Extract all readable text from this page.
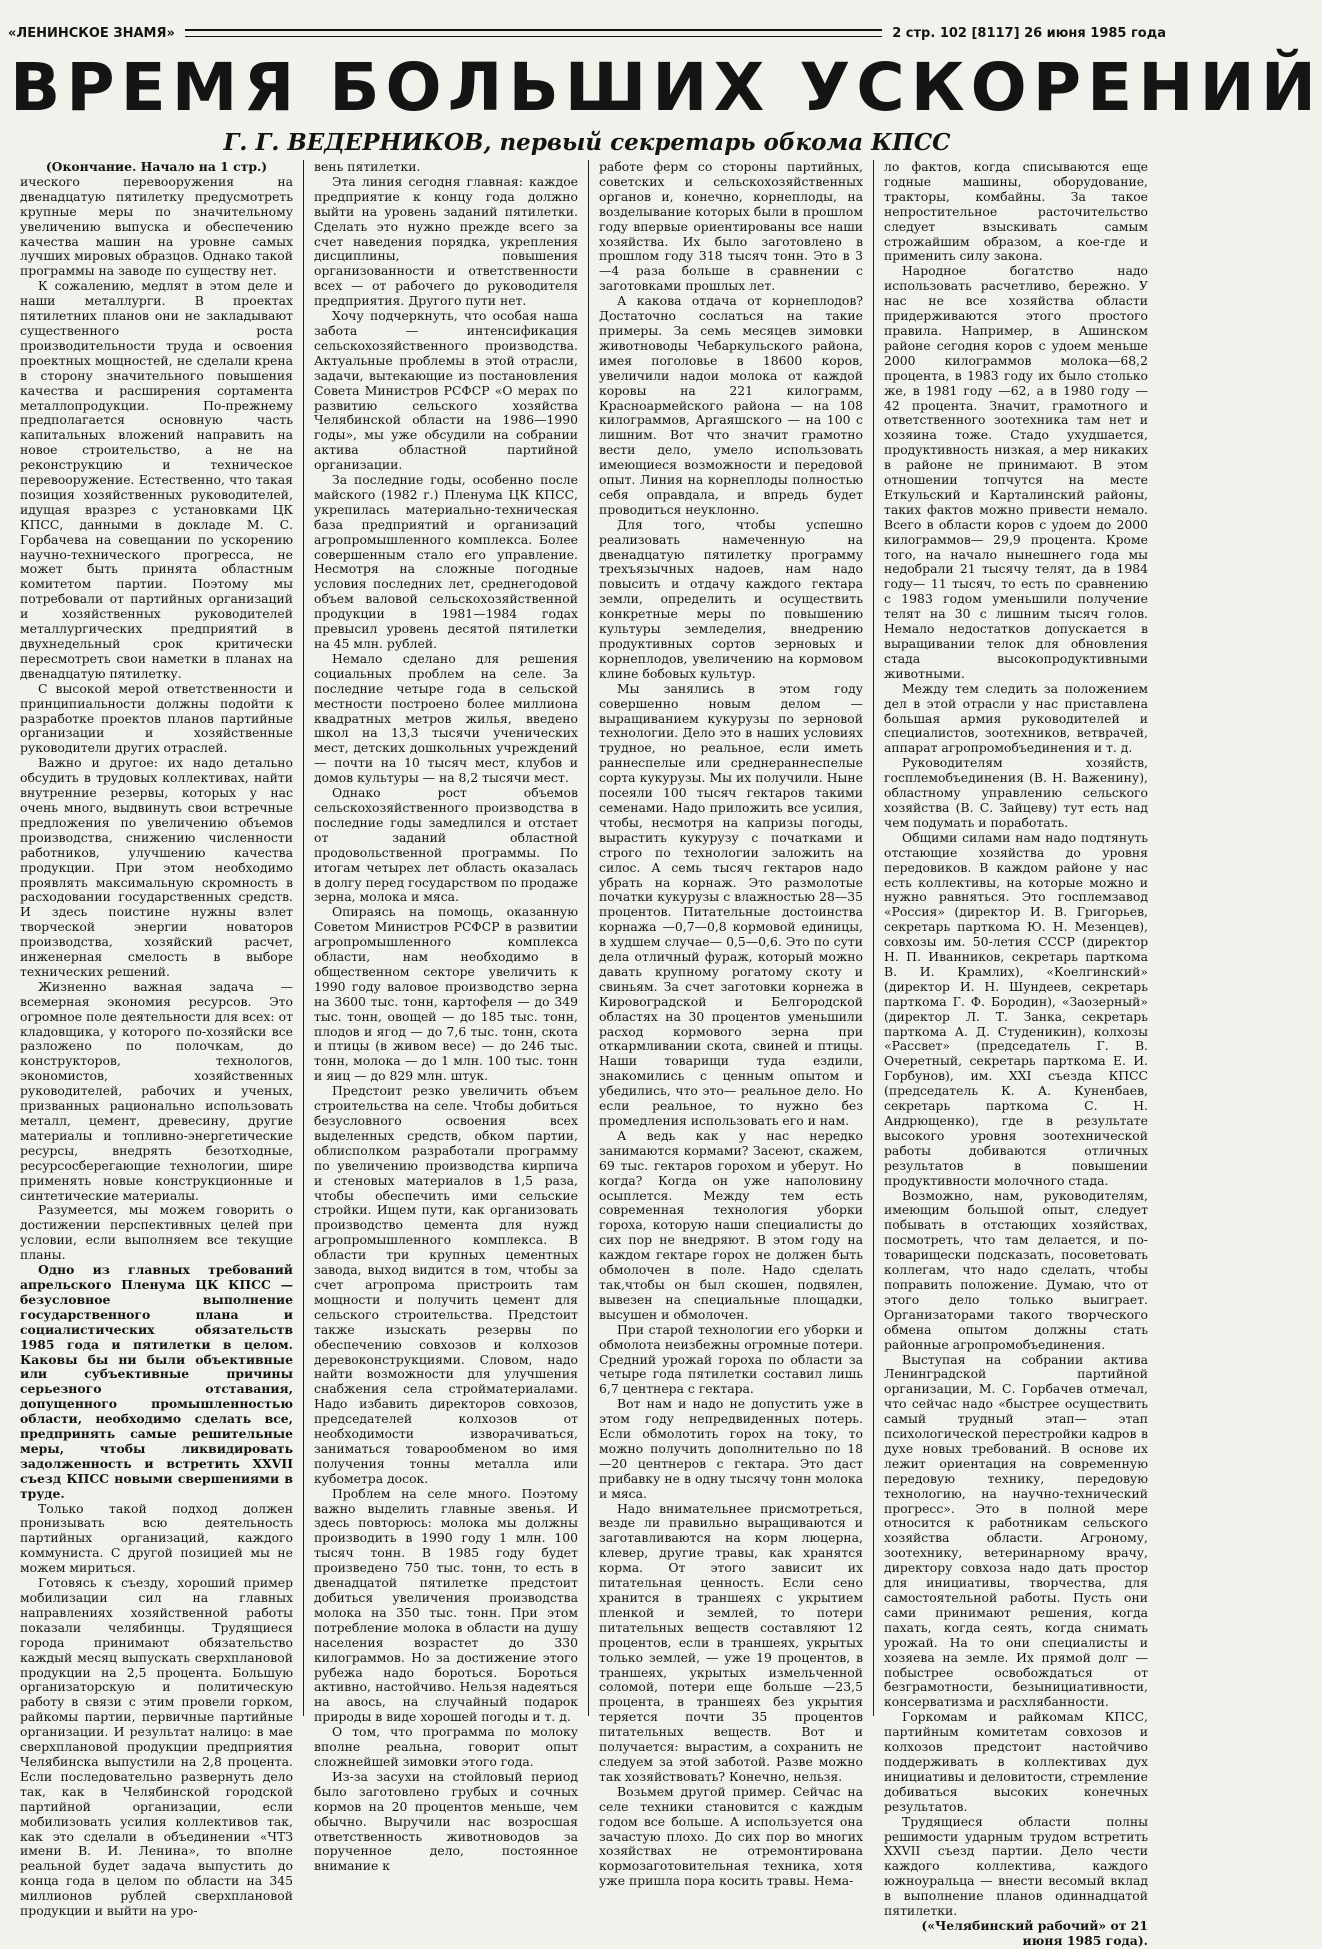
«ЛЕНИНСКОЕ ЗНАМЯ»	2 стр. 102 [8117] 26 июня 1985 года
ВРЕМЯ БОЛЬШИХ УСКОРЕНИЙ
Г. Г. ВЕДЕРНИКОВ, первый секретарь обкома КПСС

(Окончание. Начало на 1 стр.)

ического перевооружения на двенадцатую пятилетку предусмотреть крупные меры по значительному увеличению выпуска и обеспечению качества машин на уровне самых лучших мировых образцов. Однако такой программы на заводе по существу нет.

К сожалению, медлят в этом деле и наши металлурги. В проектах пятилетних планов они не закладывают существенного роста производительности труда и освоения проектных мощностей, не сделали крена в сторону значительного повышения качества и расширения сортамента металлопродукции. По-прежнему предполагается основную часть капитальных вложений направить на новое строительство, а не на реконструкцию и техническое перевооружение. Естественно, что такая позиция хозяйственных руководителей, идущая вразрез с установками ЦК КПСС, данными в докладе М. С. Горбачева на совещании по ускорению научно-технического прогресса, не может быть принята областным комитетом партии. Поэтому мы потребовали от партийных организаций и хозяйственных руководителей металлургических предприятий в двухнедельный срок критически пересмотреть свои наметки в планах на двенадцатую пятилетку.

С высокой мерой ответственности и принципиальности должны подойти к разработке проектов планов партийные организации и хозяйственные руководители других отраслей.

Важно и другое: их надо детально обсудить в трудовых коллективах, найти внутренние резервы, которых у нас очень много, выдвинуть свои встречные предложения по увеличению объемов производства, снижению численности работников, улучшению качества продукции. При этом необходимо проявлять максимальную скромность в расходовании государственных средств. И здесь поистине нужны взлет творческой энергии новаторов производства, хозяйский расчет, инженерная смелость в выборе технических решений.

Жизненно важная задача — всемерная экономия ресурсов. Это огромное поле деятельности для всех: от кладовщика, у которого по-хозяйски все разложено по полочкам, до конструкторов, технологов, экономистов, хозяйственных руководителей, рабочих и ученых, призванных рационально использовать металл, цемент, древесину, другие материалы и топливно-энергетические ресурсы, внедрять безотходные, ресурсосберегающие технологии, шире применять новые конструкционные и синтетические материалы.

Разумеется, мы можем говорить о достижении перспективных целей при условии, если выполняем все текущие планы.

Одно из главных требований апрельского Пленума ЦК КПСС — безусловное выполнение государственного плана и социалистических обязательств 1985 года и пятилетки в целом. Каковы бы ни были объективные или субъективные причины серьезного отставания, допущенного промышленностью области, необходимо сделать все, предпринять самые решительные меры, чтобы ликвидировать задолженность и встретить XXVII съезд КПСС новыми свершениями в труде.

Только такой подход должен пронизывать всю деятельность партийных организаций, каждого коммуниста. С другой позицией мы не можем мириться.

Готовясь к съезду, хороший пример мобилизации сил на главных направлениях хозяйственной работы показали челябинцы. Трудящиеся города принимают обязательство каждый месяц выпускать сверхплановой продукции на 2,5 процента. Большую организаторскую и политическую работу в связи с этим провели горком, райкомы партии, первичные партийные организации. И результат налицо: в мае сверхплановой продукции предприятия Челябинска выпустили на 2,8 процента. Если последовательно развернуть дело так, как в Челябинской городской партийной организации, если мобилизовать усилия коллективов так, как это сделали в объединении «ЧТЗ имени В. И. Ленина», то вполне реальной будет задача выпустить до конца года в целом по области на 345 миллионов рублей сверхплановой продукции и выйти на уро-

вень пятилетки.

Эта линия сегодня главная: каждое предприятие к концу года должно выйти на уровень заданий пятилетки. Сделать это нужно прежде всего за счет наведения порядка, укрепления дисциплины, повышения организованности и ответственности всех — от рабочего до руководителя предприятия. Другого пути нет.

Хочу подчеркнуть, что особая наша забота — интенсификация сельскохозяйственного производства. Актуальные проблемы в этой отрасли, задачи, вытекающие из постановления Совета Министров РСФСР «О мерах по развитию сельского хозяйства Челябинской области на 1986—1990 годы», мы уже обсудили на собрании актива областной партийной организации.

За последние годы, особенно после майского (1982 г.) Пленума ЦК КПСС, укрепилась материально-техническая база предприятий и организаций агропромышленного комплекса. Более совершенным стало его управление. Несмотря на сложные погодные условия последних лет, среднегодовой объем валовой сельскохозяйственной продукции в 1981—1984 годах превысил уровень десятой пятилетки на 45 млн. рублей.

Немало сделано для решения социальных проблем на селе. За последние четыре года в сельской местности построено более миллиона квадратных метров жилья, введено школ на 13,3 тысячи ученических мест, детских дошкольных учреждений — почти на 10 тысяч мест, клубов и домов культуры — на 8,2 тысячи мест.

Однако рост объемов сельскохозяйственного производства в последние годы замедлился и отстает от заданий областной продовольственной программы. По итогам четырех лет область оказалась в долгу перед государством по продаже зерна, молока и мяса.

Опираясь на помощь, оказанную Советом Министров РСФСР в развитии агропромышленного комплекса области, нам необходимо в общественном секторе увеличить к 1990 году валовое производство зерна на 3600 тыс. тонн, картофеля — до 349 тыс. тонн, овощей — до 185 тыс. тонн, плодов и ягод — до 7,6 тыс. тонн, скота и птицы (в живом весе) — до 246 тыс. тонн, молока — до 1 млн. 100 тыс. тонн и яиц — до 829 млн. штук.

Предстоит резко увеличить объем строительства на селе. Чтобы добиться безусловного освоения всех выделенных средств, обком партии, облисполком разработали программу по увеличению производства кирпича и стеновых материалов в 1,5 раза, чтобы обеспечить ими сельские стройки. Ищем пути, как организовать производство цемента для нужд агропромышленного комплекса. В области три крупных цементных завода, выход видится в том, чтобы за счет агропрома пристроить там мощности и получить цемент для сельского строительства. Предстоит также изыскать резервы по обеспечению совхозов и колхозов деревоконструкциями. Словом, надо найти возможности для улучшения снабжения села стройматериалами. Надо избавить директоров совхозов, председателей колхозов от необходимости изворачиваться, заниматься товарообменом во имя получения тонны металла или кубометра досок.

Проблем на селе много. Поэтому важно выделить главные звенья. И здесь повторюсь: молока мы должны производить в 1990 году 1 млн. 100 тысяч тонн. В 1985 году будет произведено 750 тыс. тонн, то есть в двенадцатой пятилетке предстоит добиться увеличения производства молока на 350 тыс. тонн. При этом потребление молока в области на душу населения возрастет до 330 килограммов. Но за достижение этого рубежа надо бороться. Бороться активно, настойчиво. Нельзя надеяться на авось, на случайный подарок природы в виде хорошей погоды и т. д.

О том, что программа по молоку вполне реальна, говорит опыт сложнейшей зимовки этого года.

Из-за засухи на стойловый период было заготовлено грубых и сочных кормов на 20 процентов меньше, чем обычно. Выручили нас возросшая ответственность животноводов за порученное дело, постоянное внимание к

работе ферм со стороны партийных, советских и сельскохозяйственных органов и, конечно, корнеплоды, на возделывание которых были в прошлом году впервые ориентированы все наши хозяйства. Их было заготовлено в прошлом году 318 тысяч тонн. Это в 3—4 раза больше в сравнении с заготовками прошлых лет.

А какова отдача от корнеплодов? Достаточно сослаться на такие примеры. За семь месяцев зимовки животноводы Чебаркульского района, имея поголовье в 18600 коров, увеличили надои молока от каждой коровы на 221 килограмм, Красноармейского района — на 108 килограммов, Аргаяшского — на 100 с лишним. Вот что значит грамотно вести дело, умело использовать имеющиеся возможности и передовой опыт. Линия на корнеплоды полностью себя оправдала, и впредь будет проводиться неуклонно.

Для того, чтобы успешно реализовать намеченную на двенадцатую пятилетку программу трехъязычных надоев, нам надо повысить и отдачу каждого гектара земли, определить и осуществить конкретные меры по повышению культуры земледелия, внедрению продуктивных сортов зерновых и корнеплодов, увеличению на кормовом клине бобовых культур.

Мы занялись в этом году совершенно новым делом — выращиванием кукурузы по зерновой технологии. Дело это в наших условиях трудное, но реальное, если иметь раннеспелые или среднераннеспелые сорта кукурузы. Мы их получили. Ныне посеяли 100 тысяч гектаров такими семенами. Надо приложить все усилия, чтобы, несмотря на капризы погоды, вырастить кукурузу с початками и строго по технологии заложить на силос. А семь тысяч гектаров надо убрать на корнаж. Это размолотые початки кукурузы с влажностью 28—35 процентов. Питательные достоинства корнажа —0,7—0,8 кормовой единицы, в худшем случае— 0,5—0,6. Это по сути дела отличный фураж, который можно давать крупному рогатому скоту и свиньям. За счет заготовки корнежа в Кировоградской и Белгородской областях на 30 процентов уменьшили расход кормового зерна при откармливании скота, свиней и птицы. Наши товарищи туда ездили, знакомились с ценным опытом и убедились, что это— реальное дело. Но если реальное, то нужно без промедления использовать его и нам.

А ведь как у нас нередко занимаются кормами? Засеют, скажем, 69 тыс. гектаров горохом и уберут. Но когда? Когда он уже наполовину осыплется. Между тем есть современная технология уборки гороха, которую наши специалисты до сих пор не внедряют. В этом году на каждом гектаре горох не должен быть обмолочен в поле. Надо сделать так,чтобы он был скошен, подвялен, вывезен на специальные площадки, высушен и обмолочен.

При старой технологии его уборки и обмолота неизбежны огромные потери. Средний урожай гороха по области за четыре года пятилетки составил лишь 6,7 центнера с гектара.

Вот нам и надо не допустить уже в этом году непредвиденных потерь. Если обмолотить горох на току, то можно получить дополнительно по 18—20 центнеров с гектара. Это даст прибавку не в одну тысячу тонн молока и мяса.

Надо внимательнее присмотреться, везде ли правильно выращиваются и заготавливаются на корм люцерна, клевер, другие травы, как хранятся корма. От этого зависит их питательная ценность. Если сено хранится в траншеях с укрытием пленкой и землей, то потери питательных веществ составляют 12 процентов, если в траншеях, укрытых только землей, — уже 19 процентов, в траншеях, укрытых измельченной соломой, потери еще больше —23,5 процента, в траншеях без укрытия теряется почти 35 процентов питательных веществ. Вот и получается: вырастим, а сохранить не следуем за этой заботой. Разве можно так хозяйствовать? Конечно, нельзя.

Возьмем другой пример. Сейчас на селе техники становится с каждым годом все больше. А используется она зачастую плохо. До сих пор во многих хозяйствах не отремонтирована кормозаготовительная техника, хотя уже пришла пора косить травы. Нема-

ло фактов, когда списываются еще годные машины, оборудование, тракторы, комбайны. За такое непростительное расточительство следует взыскивать самым строжайшим образом, а кое-где и применить силу закона.

Народное богатство надо использовать расчетливо, бережно. У нас не все хозяйства области придерживаются этого простого правила. Например, в Ашинском районе сегодня коров с удоем меньше 2000 килограммов молока—68,2 процента, в 1983 году их было столько же, в 1981 году —62, а в 1980 году — 42 процента. Значит, грамотного и ответственного зоотехника там нет и хозяина тоже. Стадо ухудшается, продуктивность низкая, а мер никаких в районе не принимают. В этом отношении топчутся на месте Еткульский и Карталинский районы, таких фактов можно привести немало. Всего в области коров с удоем до 2000 килограммов— 29,9 процента. Кроме того, на начало нынешнего года мы недобрали 21 тысячу телят, да в 1984 году— 11 тысяч, то есть по сравнению с 1983 годом уменьшили получение телят на 30 с лишним тысяч голов. Немало недостатков допускается в выращивании телок для обновления стада высокопродуктивными животными.

Между тем следить за положением дел в этой отрасли у нас приставлена большая армия руководителей и специалистов, зоотехников, ветврачей, аппарат агропромобъединения и т. д.

Руководителям хозяйств, госплемобъединения (В. Н. Важенину), областному управлению сельского хозяйства (В. С. Зайцеву) тут есть над чем подумать и поработать.

Общими силами нам надо подтянуть отстающие хозяйства до уровня передовиков. В каждом районе у нас есть коллективы, на которые можно и нужно равняться. Это госплемзавод «Россия» (директор И. В. Григорьев, секретарь парткома Ю. Н. Мезенцев), совхозы им. 50-летия СССР (директор Н. П. Иванников, секретарь парткома В. И. Крамлих), «Коелгинский» (директор И. Н. Шундеев, секретарь парткома Г. Ф. Бородин), «Заозерный» (директор Л. Т. Занка, секретарь парткома А. Д. Студеникин), колхозы «Рассвет» (председатель Г. В. Очеретный, секретарь парткома Е. И. Горбунов), им. XXI съезда КПСС (председатель К. А. Куненбаев, секретарь парткома С. Н. Андрющенко), где в результате высокого уровня зоотехнической работы добиваются отличных результатов в повышении продуктивности молочного стада.

Возможно, нам, руководителям, имеющим большой опыт, следует побывать в отстающих хозяйствах, посмотреть, что там делается, и по-товарищески подсказать, посоветовать коллегам, что надо сделать, чтобы поправить положение. Думаю, что от этого дело только выиграет. Организаторами такого творческого обмена опытом должны стать районные агропромобъединения.

Выступая на собрании актива Ленинградской партийной организации, М. С. Горбачев отмечал, что сейчас надо «быстрее осуществить самый трудный этап— этап психологической перестройки кадров в духе новых требований. В основе их лежит ориентация на современную передовую технику, передовую технологию, на научно-технический прогресс». Это в полной мере относится к работникам сельского хозяйства области. Агроному, зоотехнику, ветеринарному врачу, директору совхоза надо дать простор для инициативы, творчества, для самостоятельной работы. Пусть они сами принимают решения, когда пахать, когда сеять, когда снимать урожай. На то они специалисты и хозяева на земле. Их прямой долг —побыстрее освобождаться от безграмотности, безынициативности, консерватизма и расхлябанности.

Горкомам и райкомам КПСС, партийным комитетам совхозов и колхозов предстоит настойчиво поддерживать в коллективах дух инициативы и деловитости, стремление добиваться высоких конечных результатов.

Трудящиеся области полны решимости ударным трудом встретить XXVII съезд партии. Дело чести каждого коллектива, каждого южноуральца — внести весомый вклад в выполнение планов одиннадцатой пятилетки.

(«Челябинский рабочий» от 21 июня 1985 года).
